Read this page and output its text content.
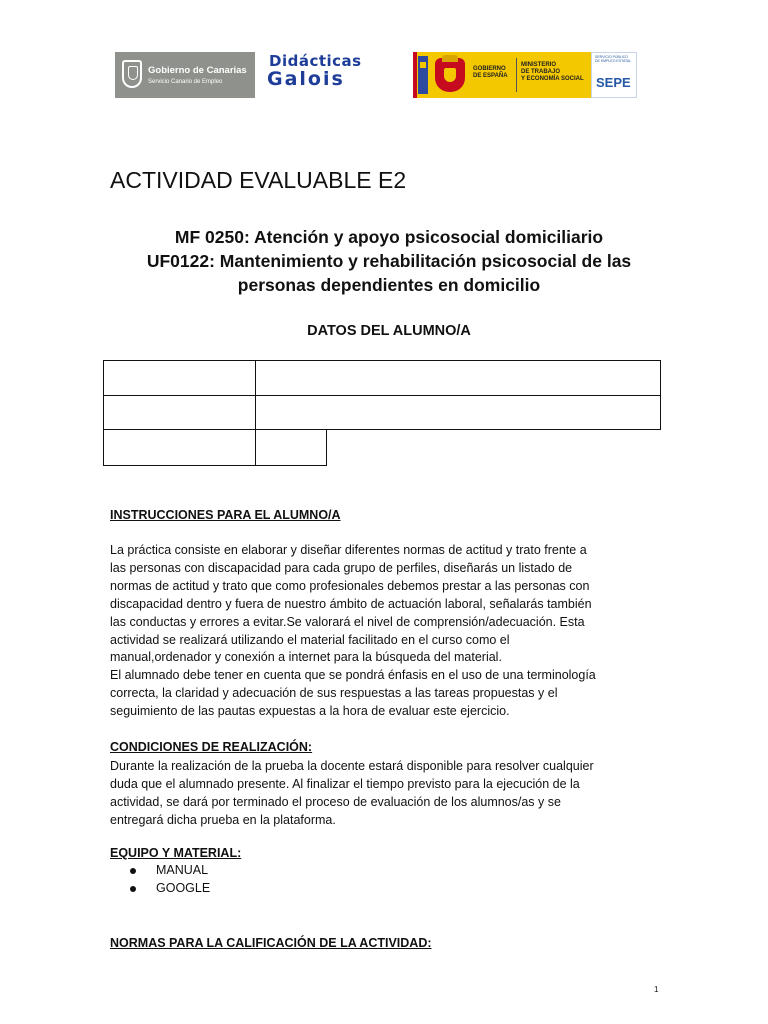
Gobierno de Canarias
Servicio Canario de Empleo
Didácticas
Galois	GOBIERNO
DE ESPAÑA
MINISTERIO
DE TRABAJO
Y ECONOMÍA SOCIAL
SERVICIO PÚBLICO
DE EMPLEO ESTATAL
SEPE
ACTIVIDAD EVALUABLE E2

MF 0250: Atención y apoyo psicosocial domiciliario

UF0122: Mantenimiento y rehabilitación psicosocial de las

personas dependientes en domicilio

DATOS DEL ALUMNO/A

INSTRUCCIONES PARA EL ALUMNO/A

La práctica consiste en elaborar y diseñar diferentes normas de actitud y trato frente a
las personas con discapacidad para cada grupo de perfiles, diseñarás un listado de
normas de actitud y trato que como profesionales debemos prestar a las personas con
discapacidad dentro y fuera de nuestro ámbito de actuación laboral, señalarás también
las conductas y errores a evitar.Se valorará el nivel de comprensión/adecuación. Esta
actividad se realizará utilizando el material facilitado en el curso como el
manual,ordenador y conexión a internet para la búsqueda del material.
El alumnado debe tener en cuenta que se pondrá énfasis en el uso de una terminología
correcta, la claridad y adecuación de sus respuestas a las tareas propuestas y el
seguimiento de las pautas expuestas a la hora de evaluar este ejercicio.

CONDICIONES DE REALIZACIÓN:

Durante la realización de la prueba la docente estará disponible para resolver cualquier
duda que el alumnado presente. Al finalizar el tiempo previsto para la ejecución de la
actividad, se dará por terminado el proceso de evaluación de los alumnos/as y se
entregará dicha prueba en la plataforma.

EQUIPO Y MATERIAL:

MANUAL
GOOGLE

NORMAS PARA LA CALIFICACIÓN DE LA ACTIVIDAD:

1
